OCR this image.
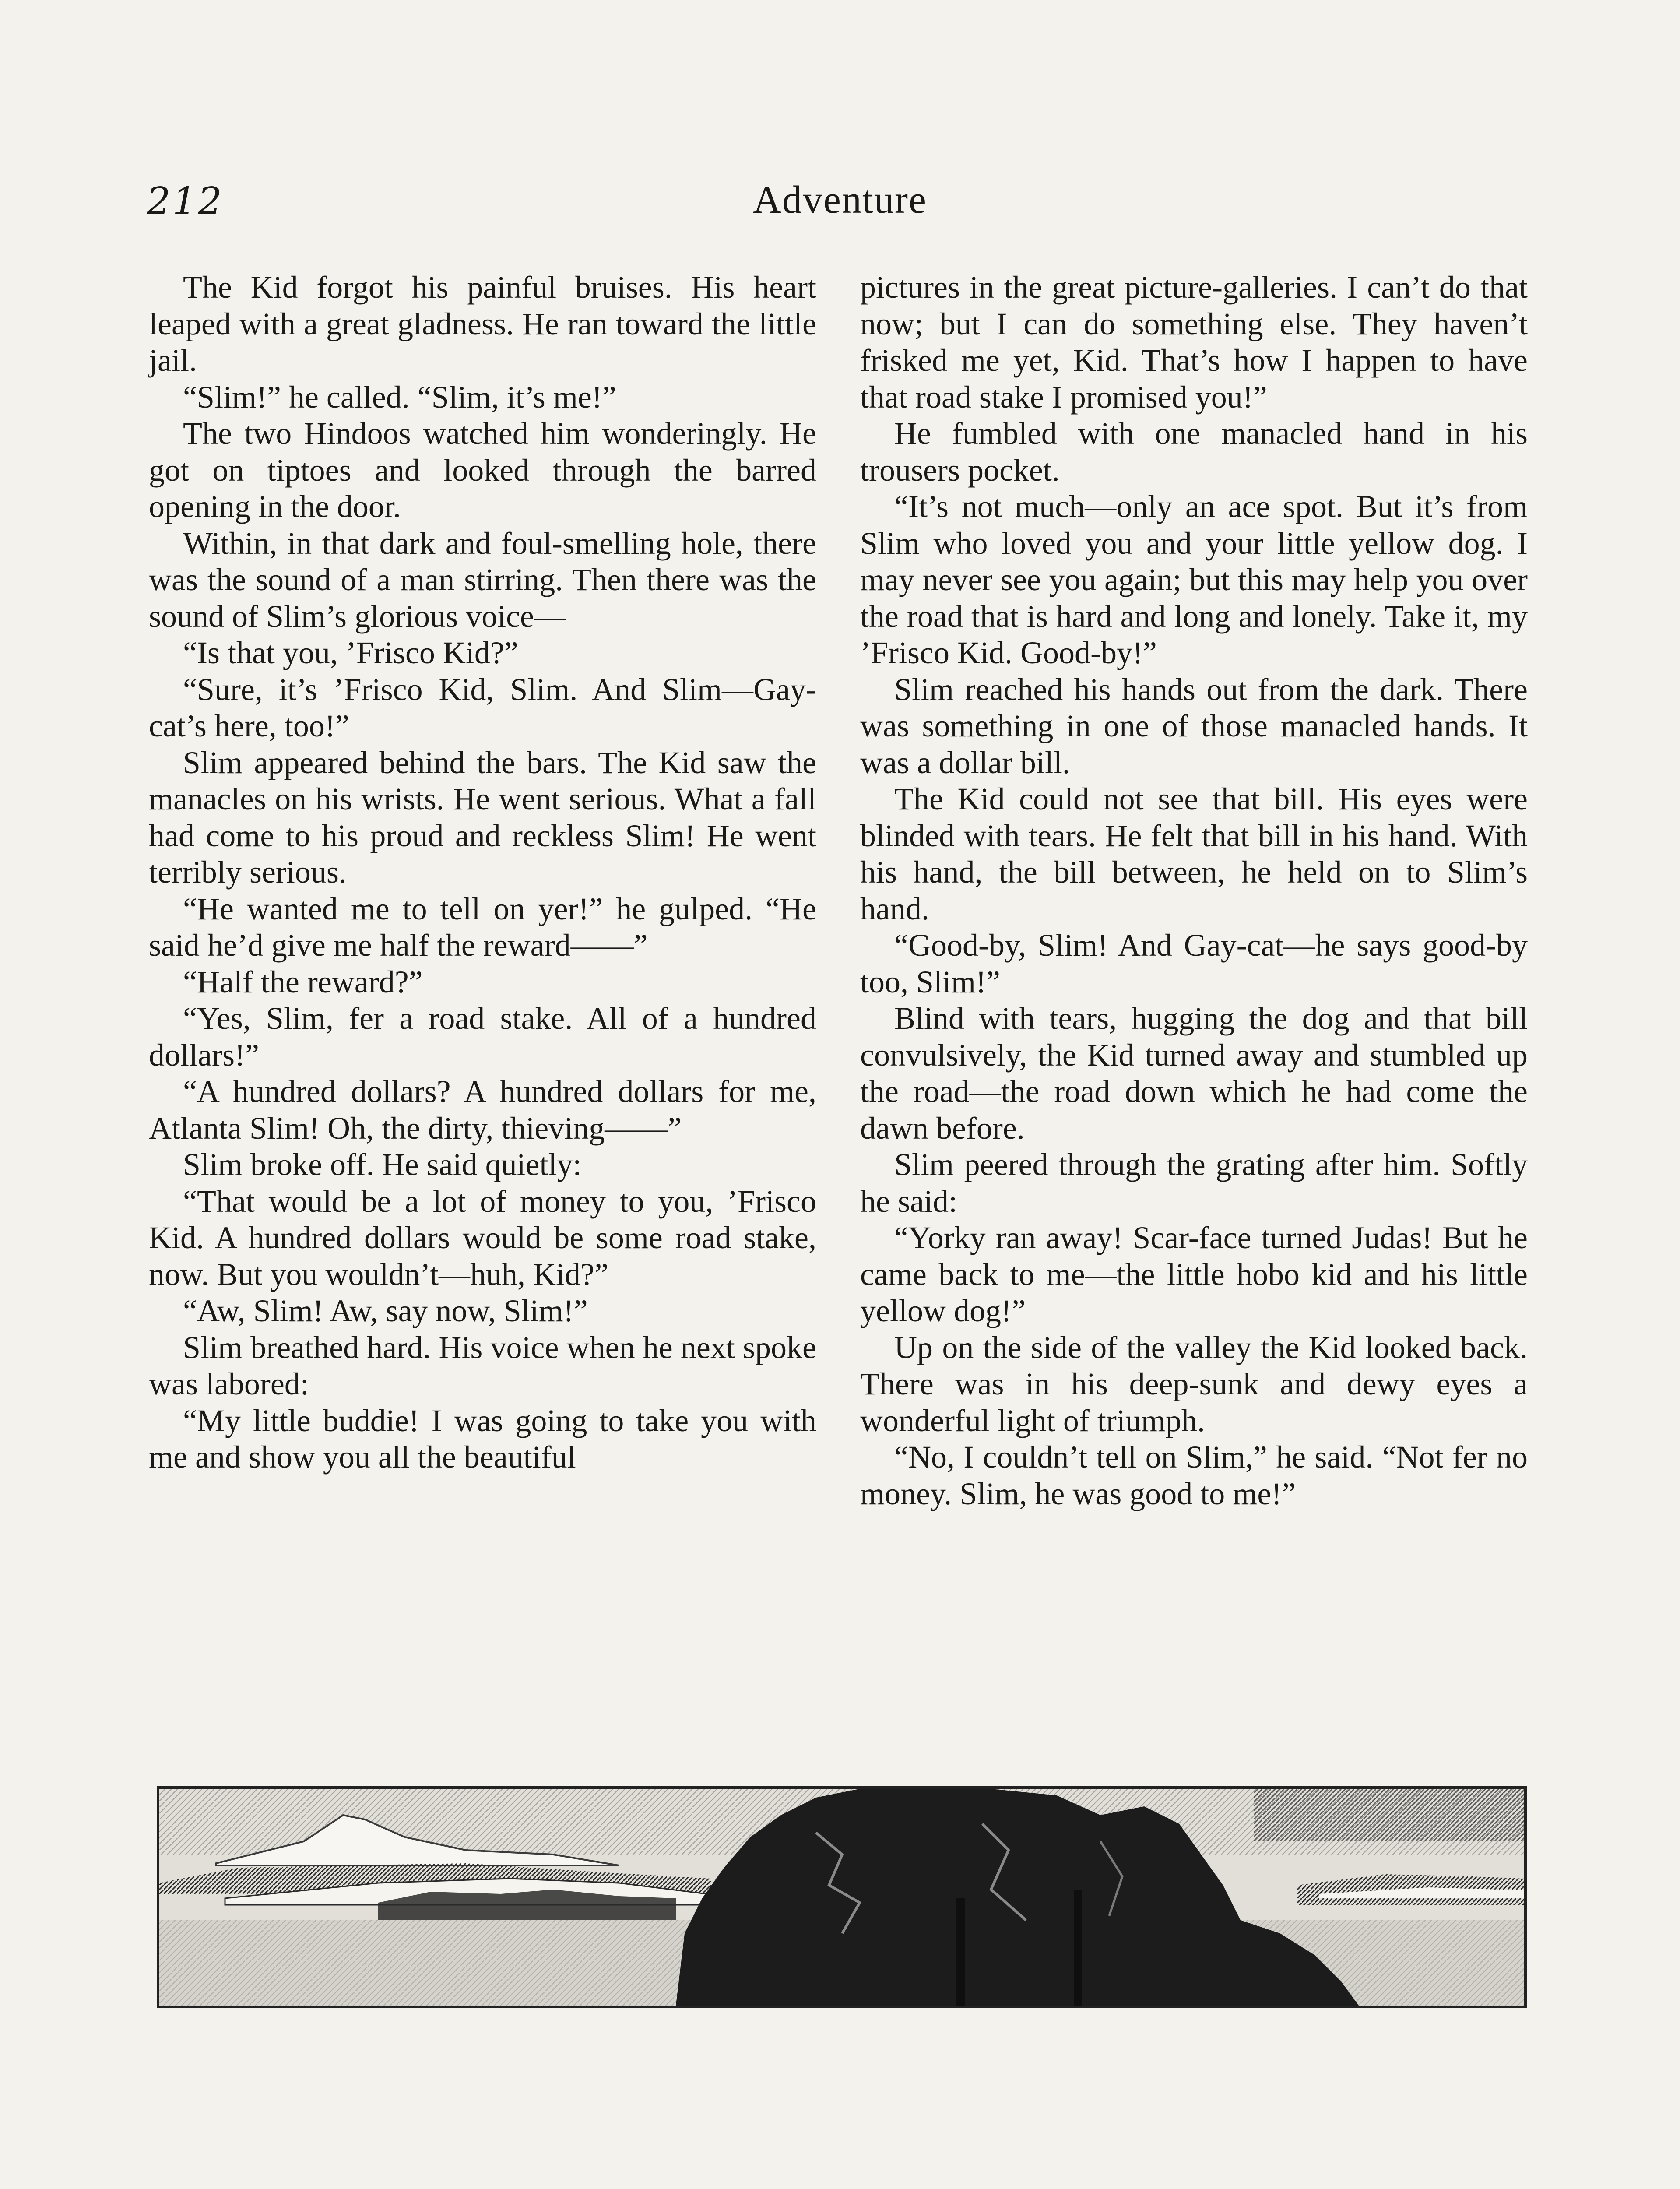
212	Adventure

The Kid forgot his painful bruises. His heart leaped with a great gladness. He ran toward the little jail.

“Slim!” he called. “Slim, it’s me!”

The two Hindoos watched him wonderingly. He got on tiptoes and looked through the barred opening in the door.

Within, in that dark and foul-smelling hole, there was the sound of a man stirring. Then there was the sound of Slim’s glorious voice—

“Is that you, ’Frisco Kid?”

“Sure, it’s ’Frisco Kid, Slim. And Slim—Gay-cat’s here, too!”

Slim appeared behind the bars. The Kid saw the manacles on his wrists. He went serious. What a fall had come to his proud and reckless Slim! He went terribly serious.

“He wanted me to tell on yer!” he gulped. “He said he’d give me half the reward——”

“Half the reward?”

“Yes, Slim, fer a road stake. All of a hundred dollars!”

“A hundred dollars? A hundred dollars for me, Atlanta Slim! Oh, the dirty, thieving——”

Slim broke off. He said quietly:

“That would be a lot of money to you, ’Frisco Kid. A hundred dollars would be some road stake, now. But you wouldn’t—huh, Kid?”

“Aw, Slim! Aw, say now, Slim!”

Slim breathed hard. His voice when he next spoke was labored:

“My little buddie! I was going to take you with me and show you all the beautiful

pictures in the great picture-galleries. I can’t do that now; but I can do something else. They haven’t frisked me yet, Kid. That’s how I happen to have that road stake I promised you!”

He fumbled with one manacled hand in his trousers pocket.

“It’s not much—only an ace spot. But it’s from Slim who loved you and your little yellow dog. I may never see you again; but this may help you over the road that is hard and long and lonely. Take it, my ’Frisco Kid. Good-by!”

Slim reached his hands out from the dark. There was something in one of those manacled hands. It was a dollar bill.

The Kid could not see that bill. His eyes were blinded with tears. He felt that bill in his hand. With his hand, the bill between, he held on to Slim’s hand.

“Good-by, Slim! And Gay-cat—he says good-by too, Slim!”

Blind with tears, hugging the dog and that bill convulsively, the Kid turned away and stumbled up the road—the road down which he had come the dawn before.

Slim peered through the grating after him. Softly he said:

“Yorky ran away! Scar-face turned Judas! But he came back to me—the little hobo kid and his little yellow dog!”

Up on the side of the valley the Kid looked back. There was in his deep-sunk and dewy eyes a wonderful light of triumph.

“No, I couldn’t tell on Slim,” he said. “Not fer no money. Slim, he was good to me!”
